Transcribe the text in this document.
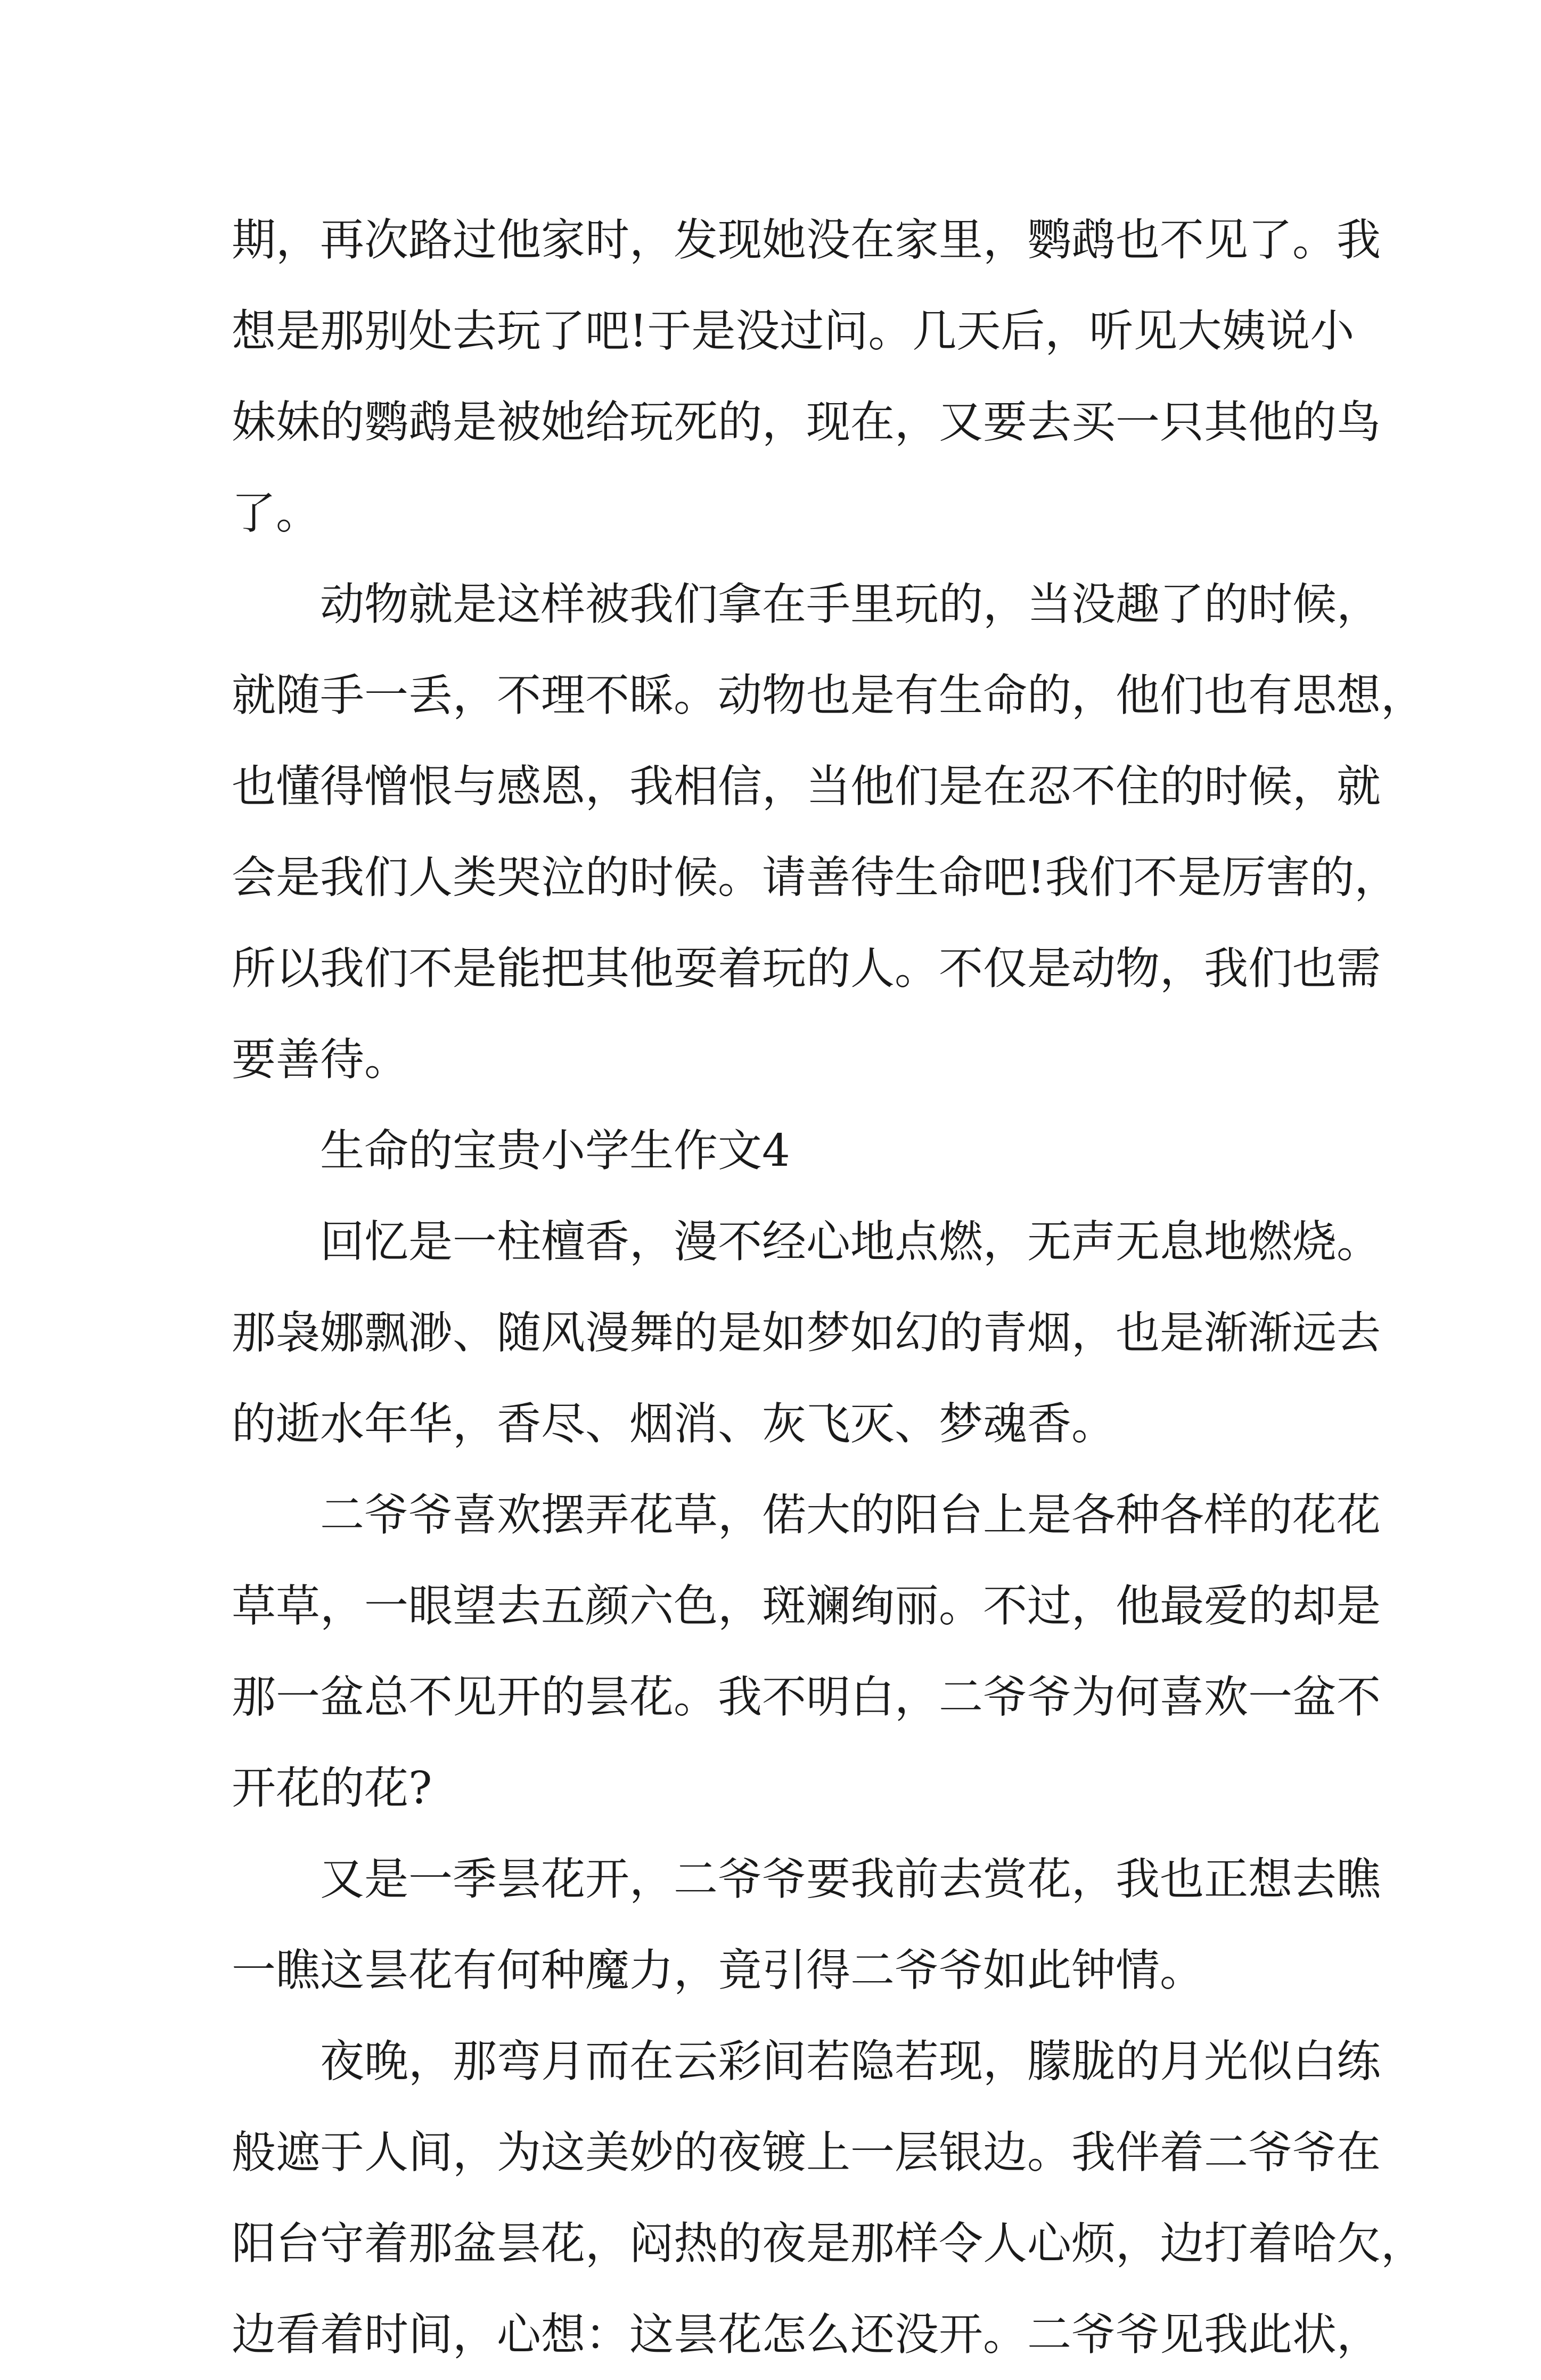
期，再次路过他家时，发现她没在家里，鹦鹉也不见了。我
想是那别处去玩了吧!于是没过问。几天后，听见大姨说小
妹妹的鹦鹉是被她给玩死的，现在，又要去买一只其他的鸟
了。
动物就是这样被我们拿在手里玩的，当没趣了的时候，
就随手一丢，不理不睬。动物也是有生命的，他们也有思想，
也懂得憎恨与感恩，我相信，当他们是在忍不住的时候，就
会是我们人类哭泣的时候。请善待生命吧!我们不是厉害的，
所以我们不是能把其他耍着玩的人。不仅是动物，我们也需
要善待。
生命的宝贵小学生作文4
回忆是一柱檀香，漫不经心地点燃，无声无息地燃烧。
那袅娜飘渺、随风漫舞的是如梦如幻的青烟，也是渐渐远去
的逝水年华，香尽、烟消、灰飞灭、梦魂香。
二爷爷喜欢摆弄花草，偌大的阳台上是各种各样的花花
草草，一眼望去五颜六色，斑斓绚丽。不过，他最爱的却是
那一盆总不见开的昙花。我不明白，二爷爷为何喜欢一盆不
开花的花?
又是一季昙花开，二爷爷要我前去赏花，我也正想去瞧
一瞧这昙花有何种魔力，竟引得二爷爷如此钟情。
夜晚，那弯月而在云彩间若隐若现，朦胧的月光似白练
般遮于人间，为这美妙的夜镀上一层银边。我伴着二爷爷在
阳台守着那盆昙花，闷热的夜是那样令人心烦，边打着哈欠，
边看着时间，心想：这昙花怎么还没开。二爷爷见我此状，
